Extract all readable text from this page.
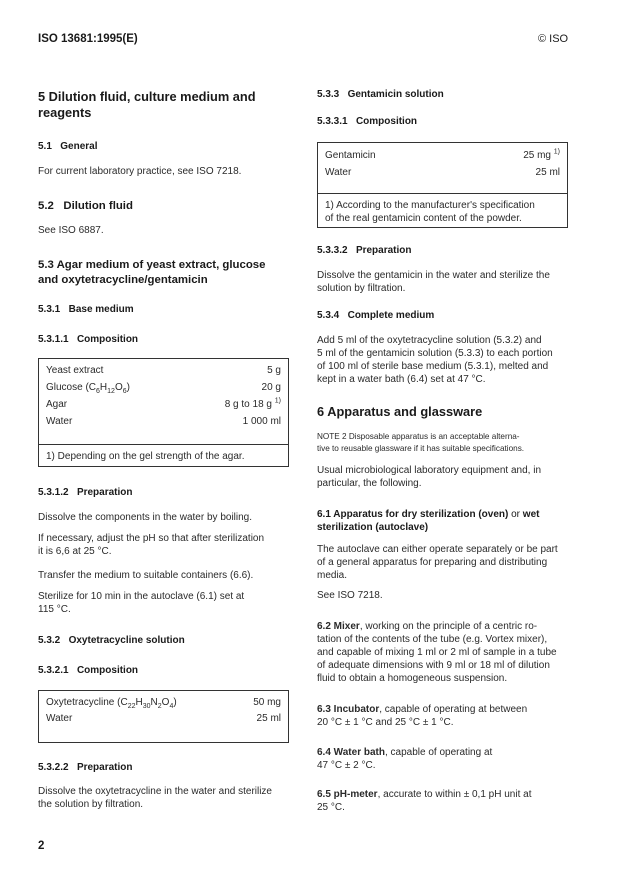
ISO 13681:1995(E)	© ISO
5 Dilution fluid, culture medium and
reagents
5.1 General
For current laboratory practice, see ISO 7218.
5.2 Dilution fluid
See ISO 6887.
5.3 Agar medium of yeast extract, glucose
and oxytetracycline/gentamicin
5.3.1 Base medium
5.3.1.1 Composition
Yeast extract	5 g
Glucose $(C_6H_{12}O_6)$	20 g
Agar	8 g to 18 g $^{1)}$
Water	1 000 ml
1) Depending on the gel strength of the agar.
5.3.1.2 Preparation
Dissolve the components in the water by boiling.
If necessary, adjust the pH so that after sterilization
it is 6,6 at 25 °C.
Transfer the medium to suitable containers (6.6).
Sterilize for 10 min in the autoclave (6.1) set at
115 °C.
5.3.2 Oxytetracycline solution
5.3.2.1 Composition
Oxytetracycline $(C_{22}H_{30}N_2O_4)$	50 mg
Water	25 ml
5.3.2.2 Preparation
Dissolve the oxytetracycline in the water and sterilize
the solution by filtration.
5.3.3 Gentamicin solution
5.3.3.1 Composition
Gentamicin	25 mg $^{1)}$
Water	25 ml
1) According to the manufacturer's specification
of the real gentamicin content of the powder.
5.3.3.2 Preparation
Dissolve the gentamicin in the water and sterilize the
solution by filtration.
5.3.4 Complete medium
Add 5 ml of the oxytetracycline solution (5.3.2) and
5 ml of the gentamicin solution (5.3.3) to each portion
of 100 ml of sterile base medium (5.3.1), melted and
kept in a water bath (6.4) set at 47 °C.
6 Apparatus and glassware
NOTE 2 Disposable apparatus is an acceptable alterna-
tive to reusable glassware if it has suitable specifications.
Usual microbiological laboratory equipment and, in
particular, the following.
6.1 Apparatus for dry sterilization (oven) or wet
sterilization (autoclave)
The autoclave can either operate separately or be part
of a general apparatus for preparing and distributing
media.
See ISO 7218.
6.2 Mixer, working on the principle of a centric ro-
tation of the contents of the tube (e.g. Vortex mixer),
and capable of mixing 1 ml or 2 ml of sample in a tube
of adequate dimensions with 9 ml or 18 ml of dilution
fluid to obtain a homogeneous suspension.
6.3 Incubator, capable of operating at between
20 °C ± 1 °C and 25 °C ± 1 °C.
6.4 Water bath, capable of operating at
47 °C ± 2 °C.
6.5 pH-meter, accurate to within ± 0,1 pH unit at
25 °C.
2
